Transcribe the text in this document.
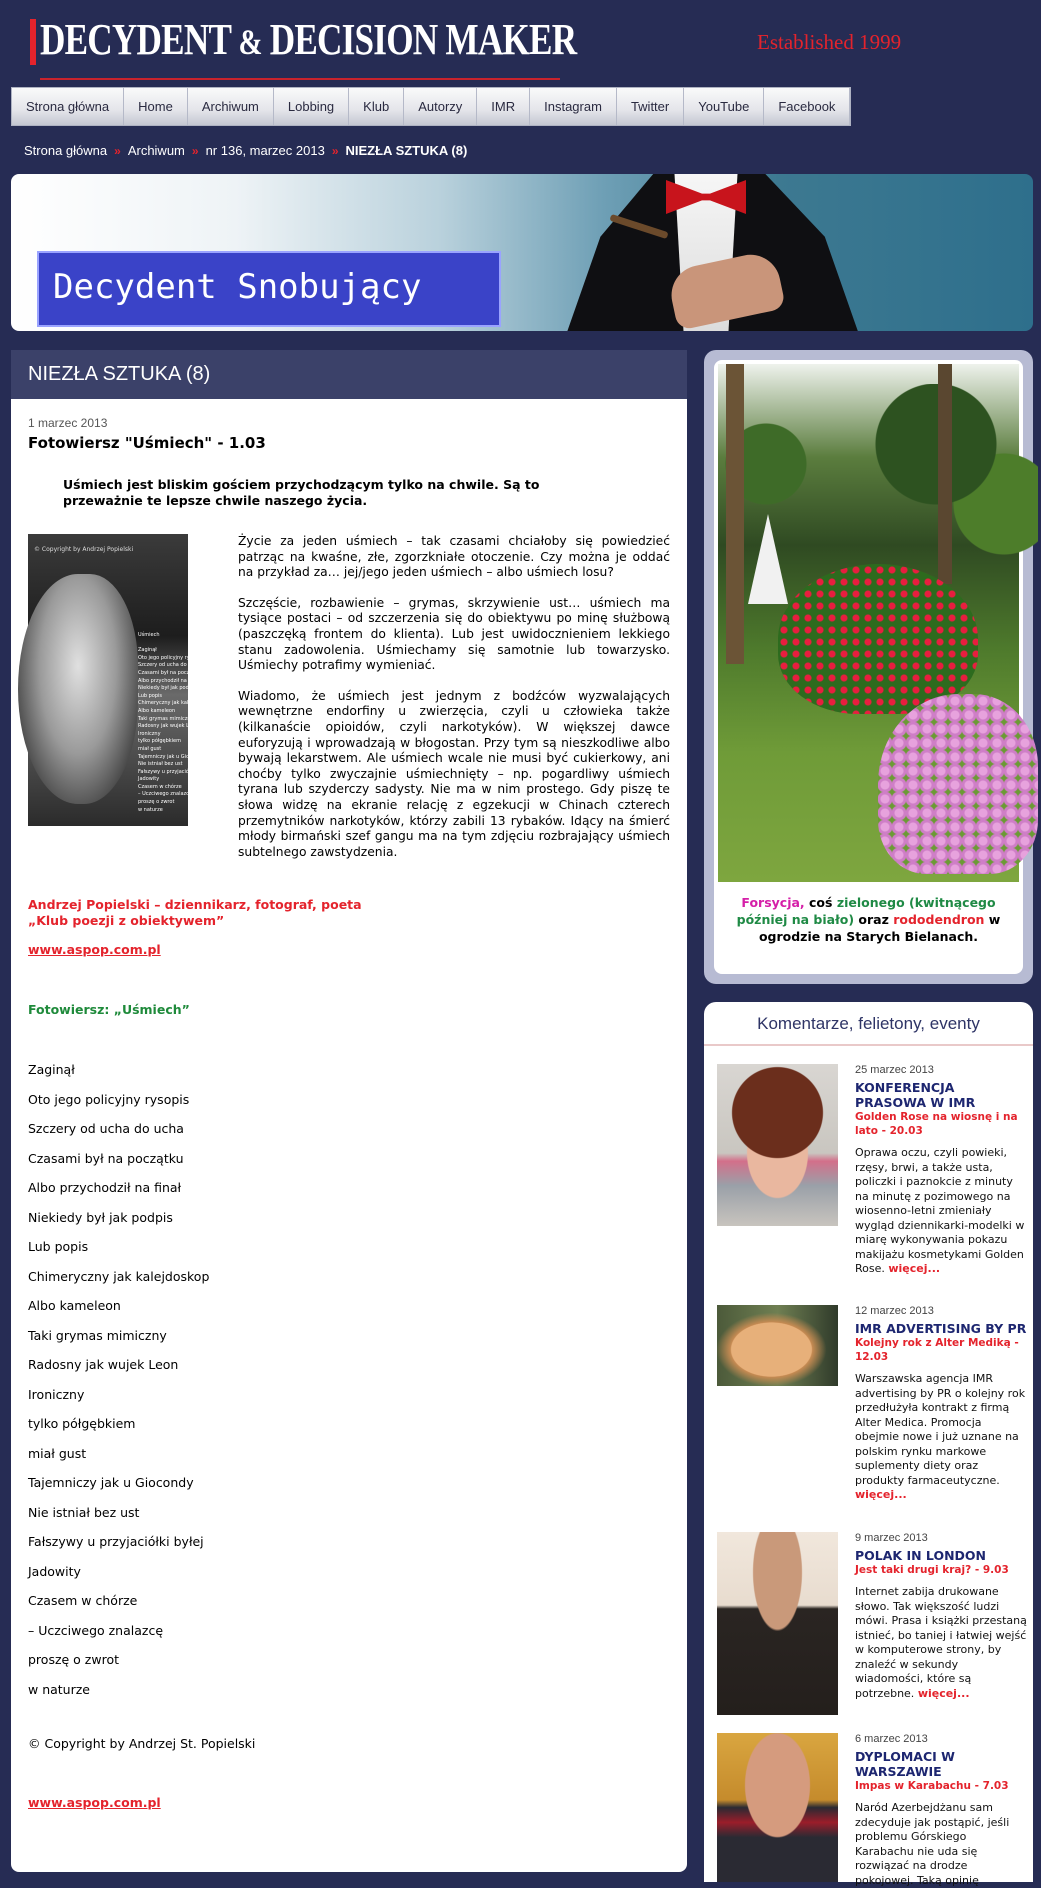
DECYDENT & DECISION MAKER	Established 1999
Strona główna	Home	Archiwum	Lobbing	Klub	Autorzy	IMR	Instagram	Twitter	YouTube	Facebook
Strona główna » Archiwum » nr 136, marzec 2013 » NIEZŁA SZTUKA (8)
Decydent Snobujący
NIEZŁA SZTUKA (8)
1 marzec 2013
Fotowiersz "Uśmiech" - 1.03
Uśmiech jest bliskim gościem przychodzącym tylko na chwile. Są to przeważnie te lepsze chwile naszego życia.
© Copyright by Andrzej Popielski
Uśmiech

Zaginął
Oto jego policyjny rysopis
Szczery od ucha do ucha
Czasami był na początku
Albo przychodził na finał
Niekiedy był jak podpis
Lub popis
Chimeryczny jak kalejdoskop
Albo kameleon
Taki grymas mimiczny
Radosny jak wujek Leon
Ironiczny
tylko półgębkiem
miał gust
Tajemniczy jak u Giocondy
Nie istniał bez ust
Fałszywy u przyjaciółki byłej
Jadowity
Czasem w chórze
– Uczciwego znalazcę
proszę o zwrot
w naturze

Życie za jeden uśmiech – tak czasami chciałoby się powiedzieć patrząc na kwaśne, złe, zgorzkniałe otoczenie. Czy można je oddać na przykład za… jej/jego jeden uśmiech – albo uśmiech losu?

Szczęście, rozbawienie – grymas, skrzywienie ust… uśmiech ma tysiące postaci – od szczerzenia się do obiektywu po minę służbową (paszczęką frontem do klienta). Lub jest uwidocznieniem lekkiego stanu zadowolenia. Uśmiechamy się samotnie lub towarzysko. Uśmiechy potrafimy wymieniać.

Wiadomo, że uśmiech jest jednym z bodźców wyzwalających wewnętrzne endorfiny u zwierzęcia, czyli u człowieka także (kilkanaście opioidów, czyli narkotyków). W większej dawce euforyzują i wprowadzają w błogostan. Przy tym są nieszkodliwe albo bywają lekarstwem. Ale uśmiech wcale nie musi być cukierkowy, ani choćby tylko zwyczajnie uśmiechnięty – np. pogardliwy uśmiech tyrana lub szyderczy sadysty. Nie ma w nim prostego. Gdy piszę te słowa widzę na ekranie relację z egzekucji w Chinach czterech przemytników narkotyków, którzy zabili 13 rybaków. Idący na śmierć młody birmański szef gangu ma na tym zdjęciu rozbrajający uśmiech subtelnego zawstydzenia.

Andrzej Popielski – dziennikarz, fotograf, poeta
„Klub poezji z obiektywem”
www.aspop.com.pl
Fotowiersz: „Uśmiech”
Zaginął
Oto jego policyjny rysopis
Szczery od ucha do ucha
Czasami był na początku
Albo przychodził na finał
Niekiedy był jak podpis
Lub popis
Chimeryczny jak kalejdoskop
Albo kameleon
Taki grymas mimiczny
Radosny jak wujek Leon
Ironiczny
tylko półgębkiem
miał gust
Tajemniczy jak u Giocondy
Nie istniał bez ust
Fałszywy u przyjaciółki byłej
Jadowity
Czasem w chórze
– Uczciwego znalazcę
proszę o zwrot
w naturze
© Copyright by Andrzej St. Popielski
www.aspop.com.pl
Forsycja, coś zielonego (kwitnącego później na biało) oraz rododendron w ogrodzie na Starych Bielanach.
Komentarze, felietony, eventy
25 marzec 2013
KONFERENCJA PRASOWA W IMR
Golden Rose na wiosnę i na lato - 20.03
Oprawa oczu, czyli powieki, rzęsy, brwi, a także usta, policzki i paznokcie z minuty na minutę z pozimowego na wiosenno-letni zmieniały wygląd dziennikarki-modelki w miarę wykonywania pokazu makijażu kosmetykami Golden Rose. więcej...
12 marzec 2013
IMR ADVERTISING BY PR
Kolejny rok z Alter Mediką - 12.03
Warszawska agencja IMR advertising by PR o kolejny rok przedłużyła kontrakt z firmą Alter Medica. Promocja obejmie nowe i już uznane na polskim rynku markowe suplementy diety oraz produkty farmaceutyczne. więcej...
9 marzec 2013
POLAK IN LONDON
Jest taki drugi kraj? - 9.03
Internet zabija drukowane słowo. Tak większość ludzi mówi. Prasa i książki przestaną istnieć, bo taniej i łatwiej wejść w komputerowe strony, by znaleźć w sekundy wiadomości, które są potrzebne. więcej...
6 marzec 2013
DYPLOMACI W WARSZAWIE
Impas w Karabachu - 7.03
Naród Azerbejdżanu sam zdecyduje jak postąpić, jeśli problemu Górskiego Karabachu nie uda się rozwiązać na drodze pokojowej. Taką opinię
